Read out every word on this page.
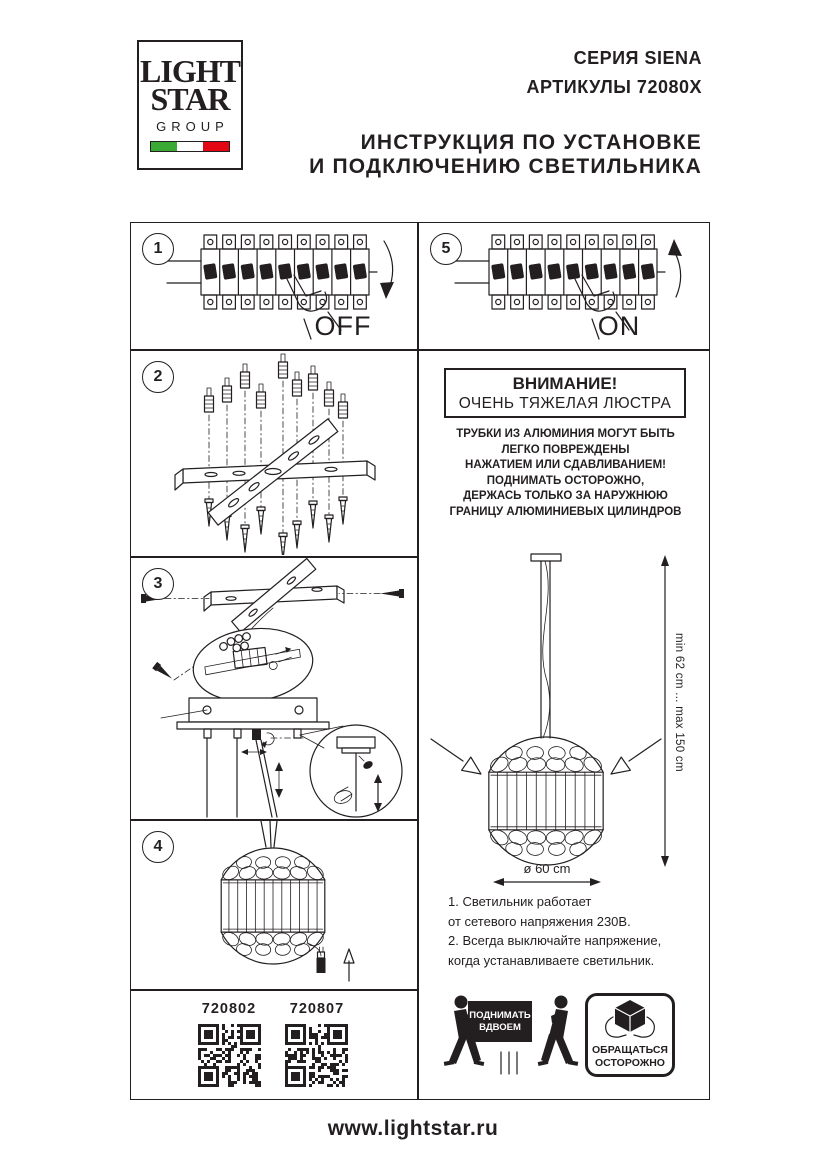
LIGHT
STAR
GROUP
СЕРИЯ SIENA
АРТИКУЛЫ 72080X
ИНСТРУКЦИЯ ПО УСТАНОВКЕ
И ПОДКЛЮЧЕНИЮ СВЕТИЛЬНИКА
1
OFF
5
ON
2
3
4
720802	720807
ВНИМАНИЕ!
ОЧЕНЬ ТЯЖЕЛАЯ ЛЮСТРА
ТРУБКИ ИЗ АЛЮМИНИЯ МОГУТ БЫТЬ
ЛЕГКО ПОВРЕЖДЕНЫ
НАЖАТИЕМ ИЛИ СДАВЛИВАНИЕМ!
ПОДНИМАТЬ ОСТОРОЖНО,
ДЕРЖАСЬ ТОЛЬКО ЗА НАРУЖНЮЮ
ГРАНИЦУ АЛЮМИНИЕВЫХ ЦИЛИНДРОВ
min 62 cm ... max 150 cm
ø 60 cm
1. Светильник работает
от сетевого напряжения 230В.
2. Всегда выключайте напряжение,
когда устанавливаете светильник.
ПОДНИМАТЬ
ВДВОЕМ
ОБРАЩАТЬСЯ
ОСТОРОЖНО
www.lightstar.ru
